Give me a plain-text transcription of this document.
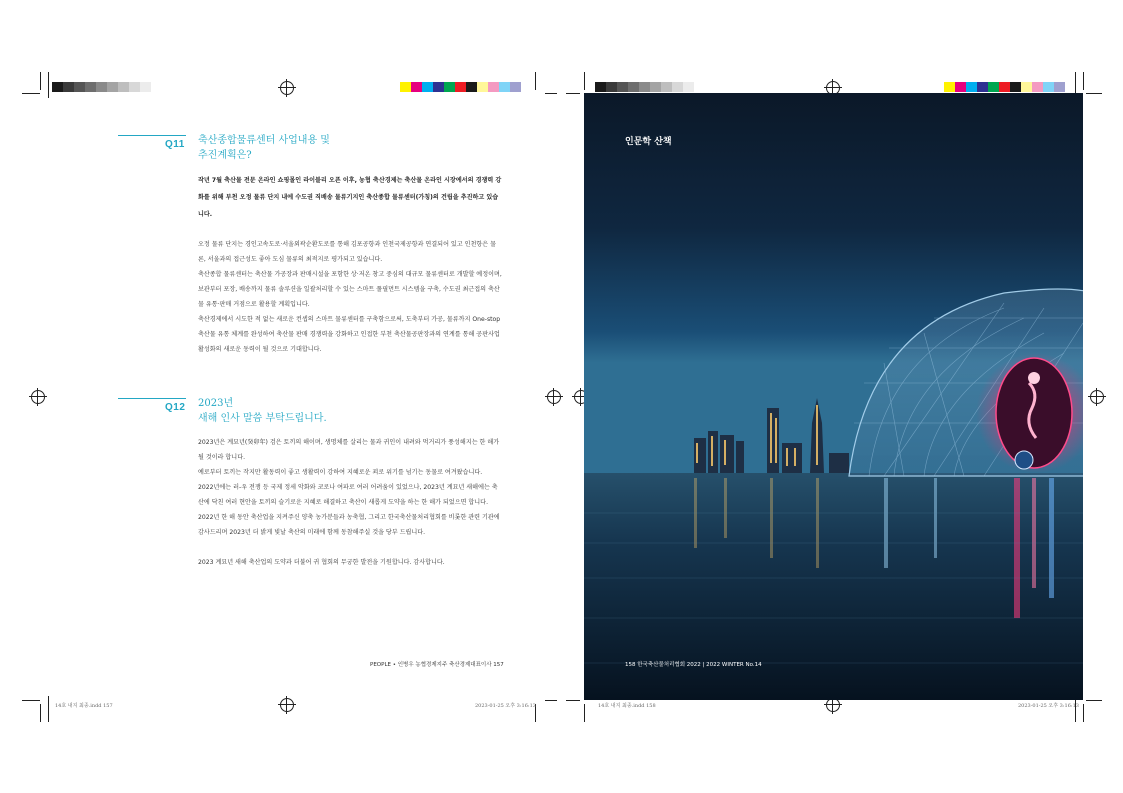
14호 내지 최종.indd 157	2023-01-25 오후 3:16:13	14호 내지 최종.indd 158	2023-01-25 오후 3:16:13
Q11 축산종합물류센터 사업내용 및
추진계획은?
작년 7월 축산물 전문 온라인 쇼핑몰인 라이블리 오픈 이후, 농협 축산경제는 축산물 온라인 시장에서의 경쟁력 강화를 위해 부천 오정 물류 단지 내에 수도권 직배송 물류기지인 축산종합 물류센터(가칭)의 건립을 추진하고 있습니다.

오정 물류 단지는 경인고속도로·서울외곽순환도로를 통해 김포공항과 인천국제공항과 연결되어 있고 인천항은 물론, 서울과의 접근성도 좋아 도심 물류의 최적지로 평가되고 있습니다.

축산종합 물류센터는 축산물 가공장과 판매시설을 포함한 상·저온 창고 중심의 대규모 물류센터로 개발할 예정이며, 보관부터 포장, 배송까지 물류 솔루션을 일괄처리할 수 있는 스마트 풀필먼트 시스템을 구축, 수도권 최근접의 축산물 유통·판매 거점으로 활용할 계획입니다.

축산경제에서 시도한 적 없는 새로운 컨셉의 스마트 물류센터를 구축함으로써, 도축부터 가공, 물류까지 One-stop 축산물 유통 체계를 완성하여 축산물 판매 경쟁력을 강화하고 인접한 부천 축산물공판장과의 연계를 통해 공판사업 활성화의 새로운 동력이 될 것으로 기대합니다.

Q12 2023년
새해 인사 말씀 부탁드립니다.

2023년은 계묘년(癸卯年) 검은 토끼의 해이며, 생명체를 살리는 물과 귀인이 내려와 먹거리가 풍성해지는 한 해가 될 것이라 합니다.

예로부터 토끼는 작지만 활동력이 좋고 생활력이 강하여 지혜로운 꾀로 위기를 넘기는 동물로 여겨왔습니다.

2022년에는 러-우 전쟁 등 국제 정세 악화와 코로나 여파로 여러 어려움이 있었으나, 2023년 계묘년 새해에는 축산에 닥친 여러 현안을 토끼의 슬기로운 지혜로 해결하고 축산이 새롭게 도약을 하는 한 해가 되었으면 합니다.

2022년 한 해 동안 축산업을 지켜주신 양축 농가분들과 농축협, 그리고 한국축산물처리협회를 비롯한 관련 기관에 감사드리며 2023년 더 밝게 빛날 축산의 미래에 함께 동참해주실 것을 당부 드립니다.

2023 계묘년 새해 축산업의 도약과 더불어 귀 협회의 무궁한 발전을 기원합니다. 감사합니다.

PEOPLE • 인병우 농협경제지주 축산경제대표이사 157
인문학 산책
158 한국축산물처리협회 2022 | 2022 WINTER No.14
